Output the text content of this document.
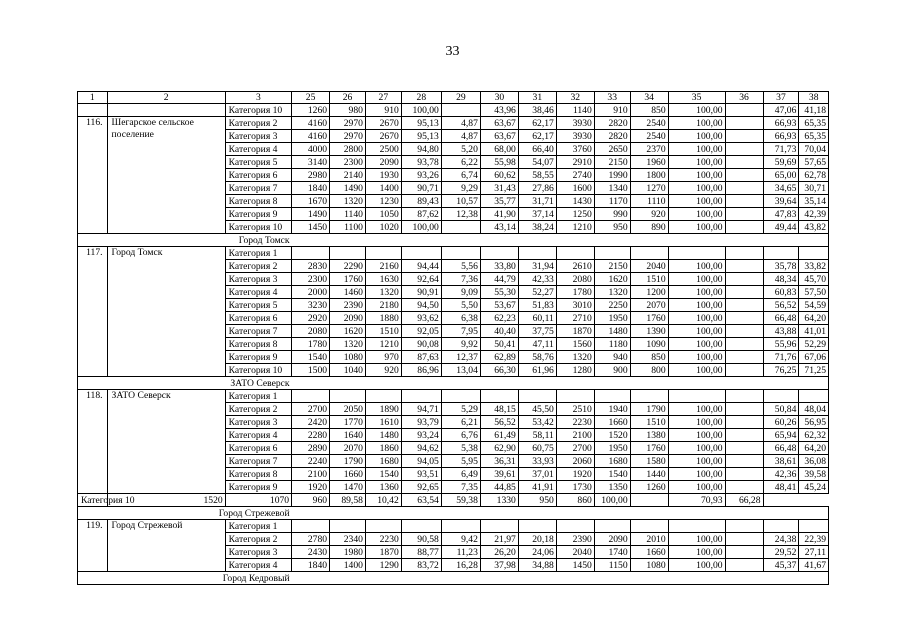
33
1	2	3	25	26	27	28	29	30	31	32	33	34	35	36	37	38
		Категория 10	1260	980	910	100,00		43,96	38,46	1140	910	850	100,00		47,06	41,18
116.	Шегарское сельское поселение	Категория 2	4160	2970	2670	95,13	4,87	63,67	62,17	3930	2820	2540	100,00		66,93	65,35
		Категория 3	4160	2970	2670	95,13	4,87	63,67	62,17	3930	2820	2540	100,00		66,93	65,35
		Категория 4	4000	2800	2500	94,80	5,20	68,00	66,40	3760	2650	2370	100,00		71,73	70,04
		Категория 5	3140	2300	2090	93,78	6,22	55,98	54,07	2910	2150	1960	100,00		59,69	57,65
		Категория 6	2980	2140	1930	93,26	6,74	60,62	58,55	2740	1990	1800	100,00		65,00	62,78
		Категория 7	1840	1490	1400	90,71	9,29	31,43	27,86	1600	1340	1270	100,00		34,65	30,71
		Категория 8	1670	1320	1230	89,43	10,57	35,77	31,71	1430	1170	1110	100,00		39,64	35,14
		Категория 9	1490	1140	1050	87,62	12,38	41,90	37,14	1250	990	920	100,00		47,83	42,39
		Категория 10	1450	1100	1020	100,00		43,14	38,24	1210	950	890	100,00		49,44	43,82
	Город Томск															
117.	Город Томск	Категория 1														
		Категория 2	2830	2290	2160	94,44	5,56	33,80	31,94	2610	2150	2040	100,00		35,78	33,82
		Категория 3	2300	1760	1630	92,64	7,36	44,79	42,33	2080	1620	1510	100,00		48,34	45,70
		Категория 4	2000	1460	1320	90,91	9,09	55,30	52,27	1780	1320	1200	100,00		60,83	57,50
		Категория 5	3230	2390	2180	94,50	5,50	53,67	51,83	3010	2250	2070	100,00		56,52	54,59
		Категория 6	2920	2090	1880	93,62	6,38	62,23	60,11	2710	1950	1760	100,00		66,48	64,20
		Категория 7	2080	1620	1510	92,05	7,95	40,40	37,75	1870	1480	1390	100,00		43,88	41,01
		Категория 8	1780	1320	1210	90,08	9,92	50,41	47,11	1560	1180	1090	100,00		55,96	52,29
		Категория 9	1540	1080	970	87,63	12,37	62,89	58,76	1320	940	850	100,00		71,76	67,06
		Категория 10	1500	1040	920	86,96	13,04	66,30	61,96	1280	900	800	100,00		76,25	71,25
	ЗАТО Северск															
118.	ЗАТО Северск	Категория 1														
		Категория 2	2700	2050	1890	94,71	5,29	48,15	45,50	2510	1940	1790	100,00		50,84	48,04
		Категория 3	2420	1770	1610	93,79	6,21	56,52	53,42	2230	1660	1510	100,00		60,26	56,95
		Категория 4	2280	1640	1480	93,24	6,76	61,49	58,11	2100	1520	1380	100,00		65,94	62,32
		Категория 6	2890	2070	1860	94,62	5,38	62,90	60,75	2700	1950	1760	100,00		66,48	64,20
		Категория 7	2240	1790	1680	94,05	5,95	36,31	33,93	2060	1680	1580	100,00		38,61	36,08
		Категория 8	2100	1660	1540	93,51	6,49	39,61	37,01	1920	1540	1440	100,00		42,36	39,58
		Категория 9	1920	1470	1360	92,65	7,35	44,85	41,91	1730	1350	1260	100,00		48,41	45,24
Категория 10	1520	1070	960	89,58	10,42	63,54	59,38	1330	950	860	100,00		70,93	66,28		
	Город Стрежевой															
119.	Город Стрежевой	Категория 1														
		Категория 2	2780	2340	2230	90,58	9,42	21,97	20,18	2390	2090	2010	100,00		24,38	22,39
		Категория 3	2430	1980	1870	88,77	11,23	26,20	24,06	2040	1740	1660	100,00		29,52	27,11
		Категория 4	1840	1400	1290	83,72	16,28	37,98	34,88	1450	1150	1080	100,00		45,37	41,67
	Город Кедровый															
